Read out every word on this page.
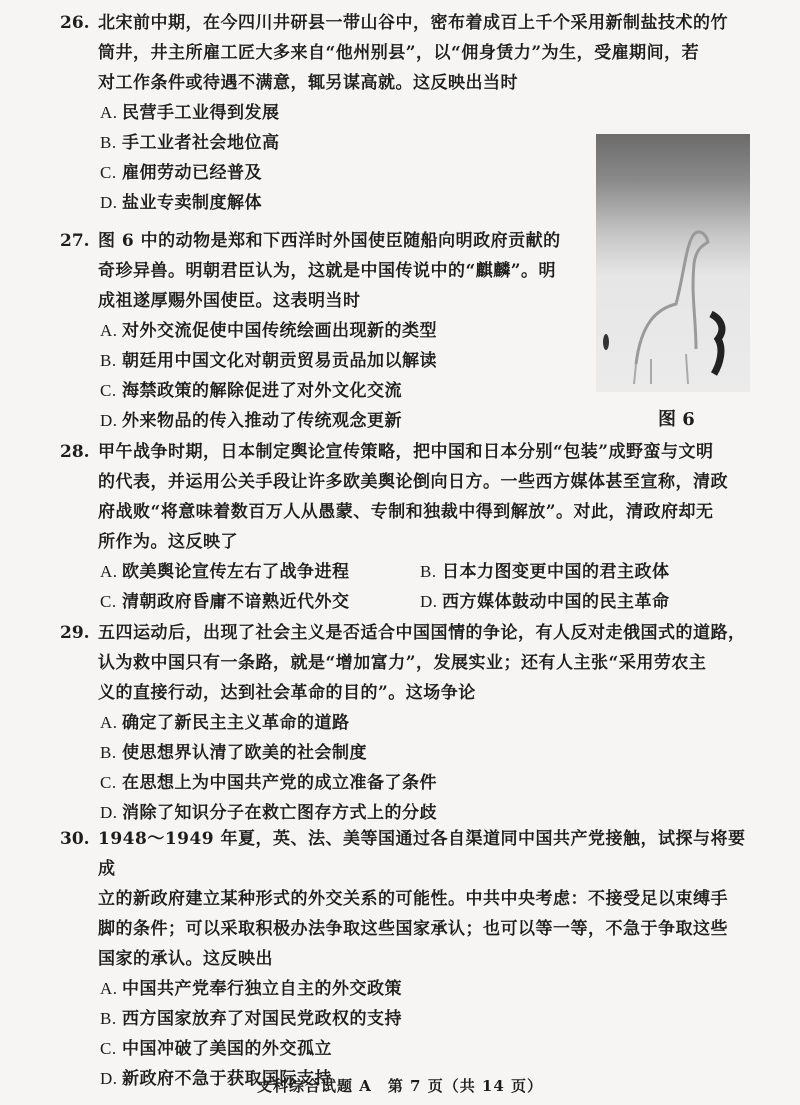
26. 北宋前中期，在今四川井研县一带山谷中，密布着成百上千个采用新制盐技术的竹
筒井，井主所雇工匠大多来自“他州别县”，以“佣身赁力”为生，受雇期间，若
对工作条件或待遇不满意，辄另谋高就。这反映出当时
A. 民营手工业得到发展
B. 手工业者社会地位高
C. 雇佣劳动已经普及
D. 盐业专卖制度解体
图 6
27. 图 6 中的动物是郑和下西洋时外国使臣随船向明政府贡献的
奇珍异兽。明朝君臣认为，这就是中国传说中的“麒麟”。明
成祖遂厚赐外国使臣。这表明当时
A. 对外交流促使中国传统绘画出现新的类型
B. 朝廷用中国文化对朝贡贸易贡品加以解读
C. 海禁政策的解除促进了对外文化交流
D. 外来物品的传入推动了传统观念更新
28. 甲午战争时期，日本制定舆论宣传策略，把中国和日本分别“包装”成野蛮与文明
的代表，并运用公关手段让许多欧美舆论倒向日方。一些西方媒体甚至宣称，清政
府战败“将意味着数百万人从愚蒙、专制和独裁中得到解放”。对此，清政府却无
所作为。这反映了
A. 欧美舆论宣传左右了战争进程	B. 日本力图变更中国的君主政体
C. 清朝政府昏庸不谙熟近代外交	D. 西方媒体鼓动中国的民主革命
29. 五四运动后，出现了社会主义是否适合中国国情的争论，有人反对走俄国式的道路，
认为救中国只有一条路，就是“增加富力”，发展实业；还有人主张“采用劳农主
义的直接行动，达到社会革命的目的”。这场争论
A. 确定了新民主主义革命的道路
B. 使思想界认清了欧美的社会制度
C. 在思想上为中国共产党的成立准备了条件
D. 消除了知识分子在救亡图存方式上的分歧
30. 1948～1949 年夏，英、法、美等国通过各自渠道同中国共产党接触，试探与将要成
立的新政府建立某种形式的外交关系的可能性。中共中央考虑：不接受足以束缚手
脚的条件；可以采取积极办法争取这些国家承认；也可以等一等，不急于争取这些
国家的承认。这反映出
A. 中国共产党奉行独立自主的外交政策
B. 西方国家放弃了对国民党政权的支持
C. 中国冲破了美国的外交孤立
D. 新政府不急于获取国际支持
文科综合试题 A　第 7 页（共 14 页）
